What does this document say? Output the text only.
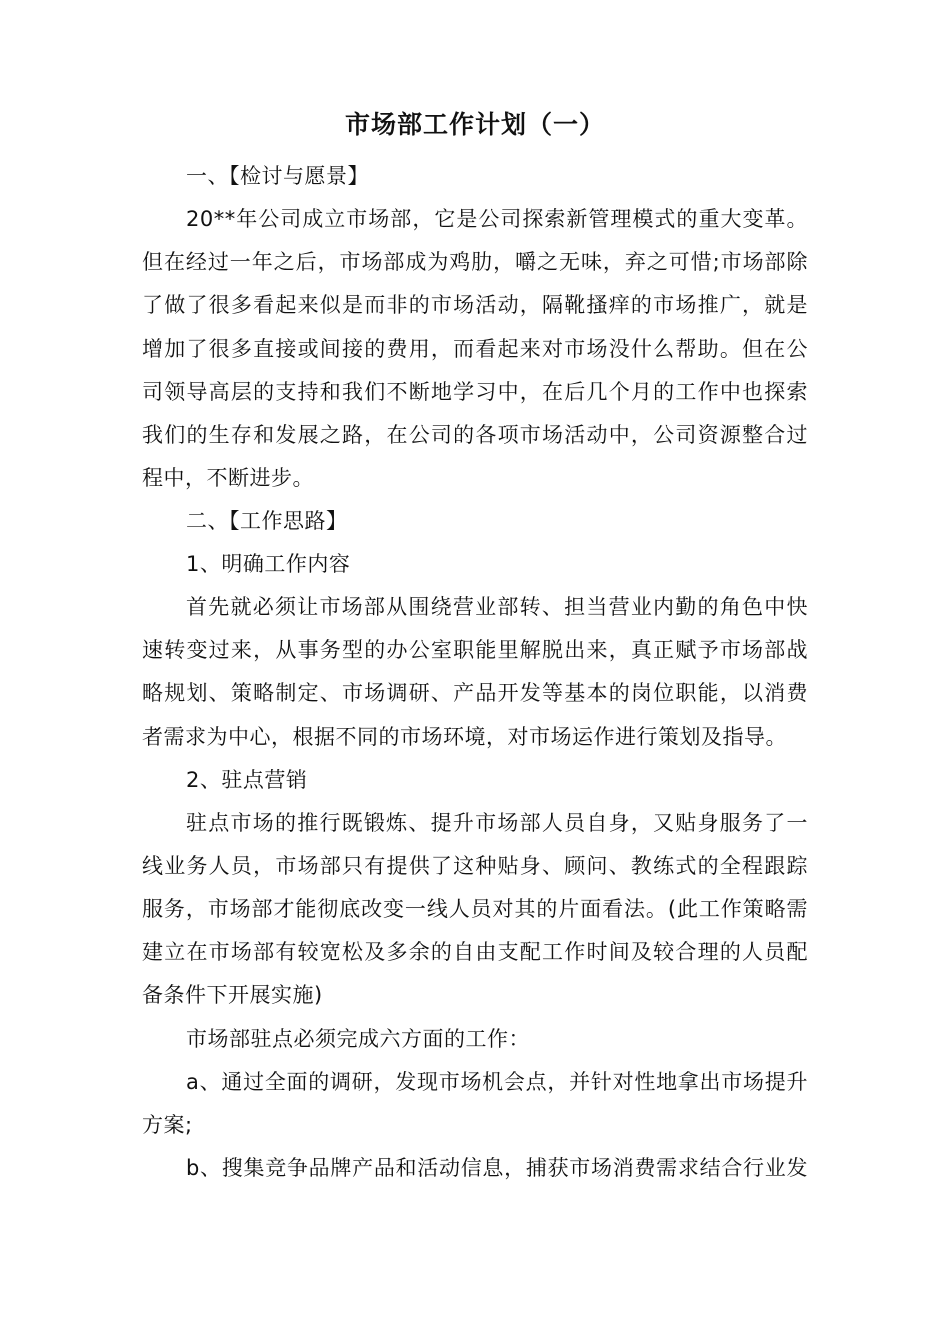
市场部工作计划（一）
一、【检讨与愿景】
20**年公司成立市场部，它是公司探索新管理模式的重大变革。
但在经过一年之后，市场部成为鸡肋，嚼之无味，弃之可惜;市场部除
了做了很多看起来似是而非的市场活动，隔靴搔痒的市场推广，就是
增加了很多直接或间接的费用，而看起来对市场没什么帮助。但在公
司领导高层的支持和我们不断地学习中，在后几个月的工作中也探索
我们的生存和发展之路，在公司的各项市场活动中，公司资源整合过
程中，不断进步。
二、【工作思路】
1、明确工作内容
首先就必须让市场部从围绕营业部转、担当营业内勤的角色中快
速转变过来，从事务型的办公室职能里解脱出来，真正赋予市场部战
略规划、策略制定、市场调研、产品开发等基本的岗位职能，以消费
者需求为中心，根据不同的市场环境，对市场运作进行策划及指导。
2、驻点营销
驻点市场的推行既锻炼、提升市场部人员自身，又贴身服务了一
线业务人员，市场部只有提供了这种贴身、顾问、教练式的全程跟踪
服务，市场部才能彻底改变一线人员对其的片面看法。(此工作策略需
建立在市场部有较宽松及多余的自由支配工作时间及较合理的人员配
备条件下开展实施)
市场部驻点必须完成六方面的工作：
a、通过全面的调研，发现市场机会点，并针对性地拿出市场提升
方案;
b、搜集竞争品牌产品和活动信息，捕获市场消费需求结合行业发
